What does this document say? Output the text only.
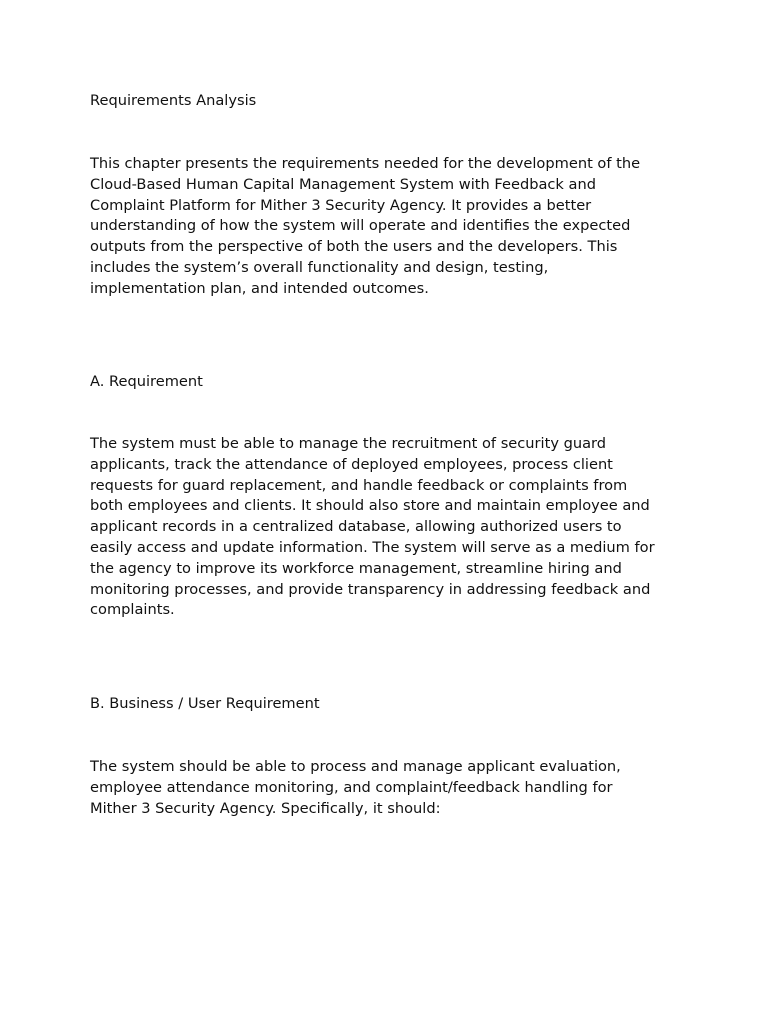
Requirements Analysis

This chapter presents the requirements needed for the development of the
Cloud-Based Human Capital Management System with Feedback and
Complaint Platform for Mither 3 Security Agency. It provides a better
understanding of how the system will operate and identifies the expected
outputs from the perspective of both the users and the developers. This
includes the system’s overall functionality and design, testing,
implementation plan, and intended outcomes.

A. Requirement

The system must be able to manage the recruitment of security guard
applicants, track the attendance of deployed employees, process client
requests for guard replacement, and handle feedback or complaints from
both employees and clients. It should also store and maintain employee and
applicant records in a centralized database, allowing authorized users to
easily access and update information. The system will serve as a medium for
the agency to improve its workforce management, streamline hiring and
monitoring processes, and provide transparency in addressing feedback and
complaints.

B. Business / User Requirement

The system should be able to process and manage applicant evaluation,
employee attendance monitoring, and complaint/feedback handling for
Mither 3 Security Agency. Specifically, it should:
